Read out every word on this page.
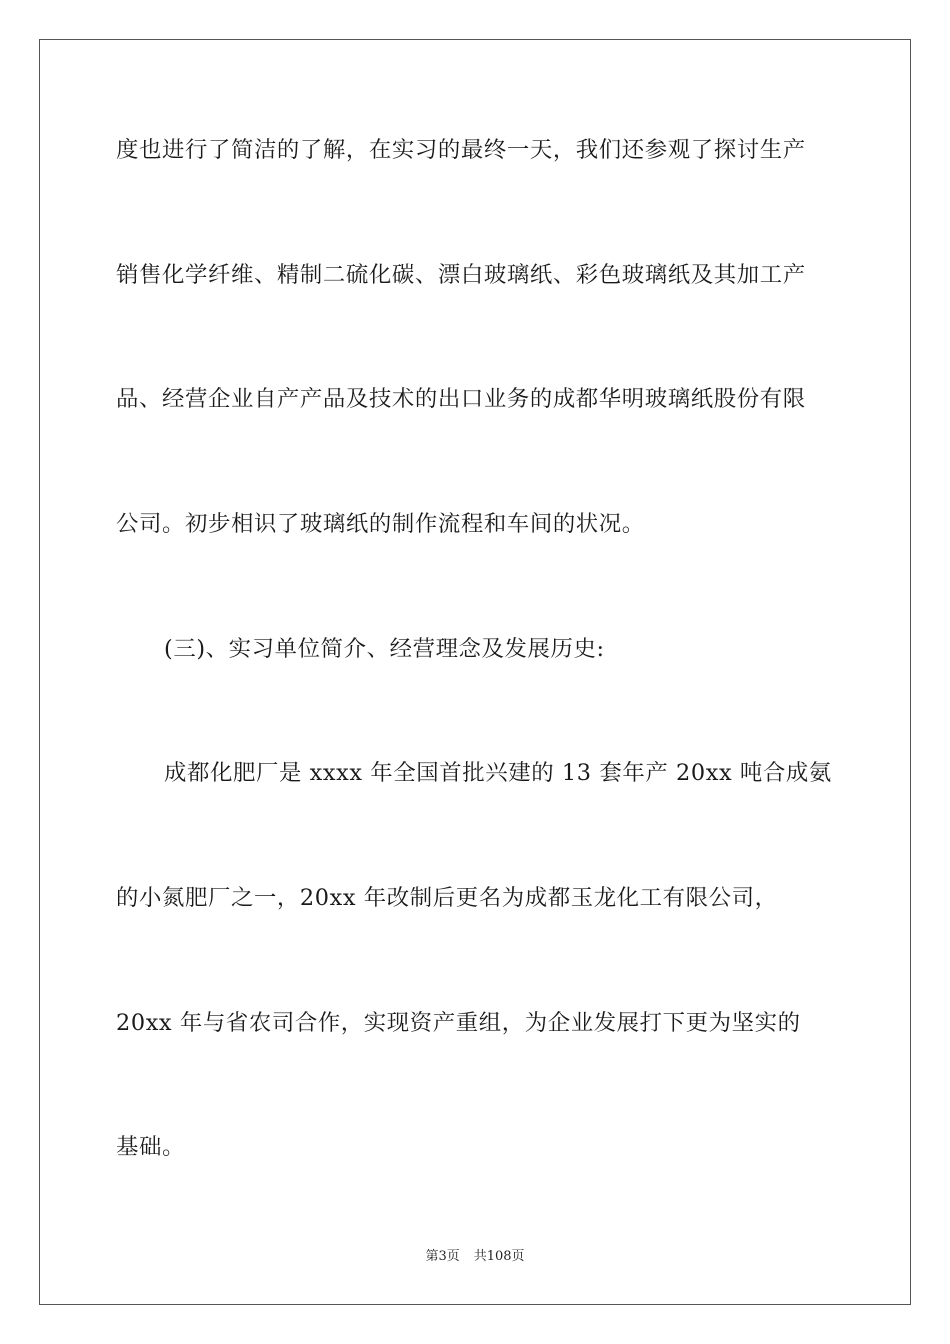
度也进行了简洁的了解，在实习的最终一天，我们还参观了探讨生产
销售化学纤维、精制二硫化碳、漂白玻璃纸、彩色玻璃纸及其加工产
品、经营企业自产产品及技术的出口业务的成都华明玻璃纸股份有限
公司。初步相识了玻璃纸的制作流程和车间的状况。
(三)、实习单位简介、经营理念及发展历史:
成都化肥厂是 xxxx 年全国首批兴建的 13 套年产 20xx 吨合成氨
的小氮肥厂之一，20xx 年改制后更名为成都玉龙化工有限公司，
20xx 年与省农司合作，实现资产重组，为企业发展打下更为坚实的
基础。
第3页 共108页
